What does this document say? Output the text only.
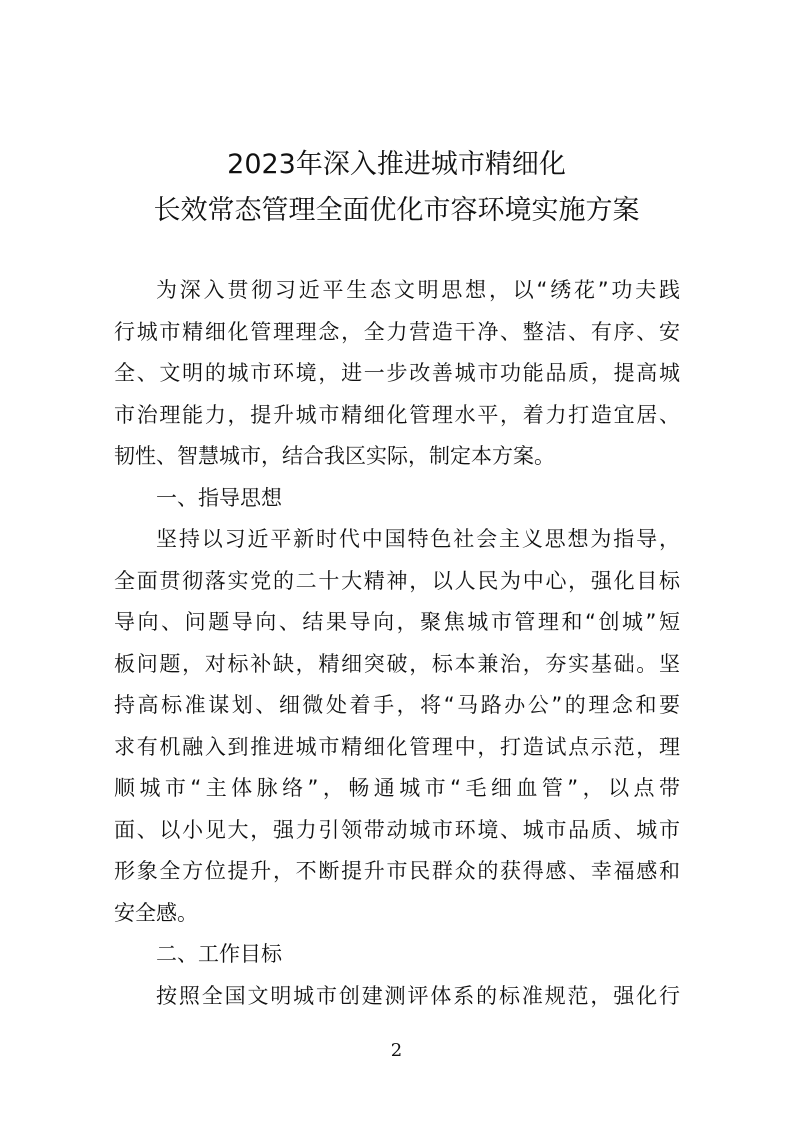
2023年深入推进城市精细化
长效常态管理全面优化市容环境实施方案
为深入贯彻习近平生态文明思想，以“绣花”功夫践
行城市精细化管理理念，全力营造干净、整洁、有序、安
全、文明的城市环境，进一步改善城市功能品质，提高城
市治理能力，提升城市精细化管理水平，着力打造宜居、
韧性、智慧城市，结合我区实际，制定本方案。
一、指导思想
坚持以习近平新时代中国特色社会主义思想为指导，
全面贯彻落实党的二十大精神，以人民为中心，强化目标
导向、问题导向、结果导向，聚焦城市管理和“创城”短
板问题，对标补缺，精细突破，标本兼治，夯实基础。坚
持高标准谋划、细微处着手，将“马路办公”的理念和要
求有机融入到推进城市精细化管理中，打造试点示范，理
顺城市“主体脉络”，畅通城市“毛细血管”，以点带
面、以小见大，强力引领带动城市环境、城市品质、城市
形象全方位提升，不断提升市民群众的获得感、幸福感和
安全感。
二、工作目标
按照全国文明城市创建测评体系的标准规范，强化行
2
